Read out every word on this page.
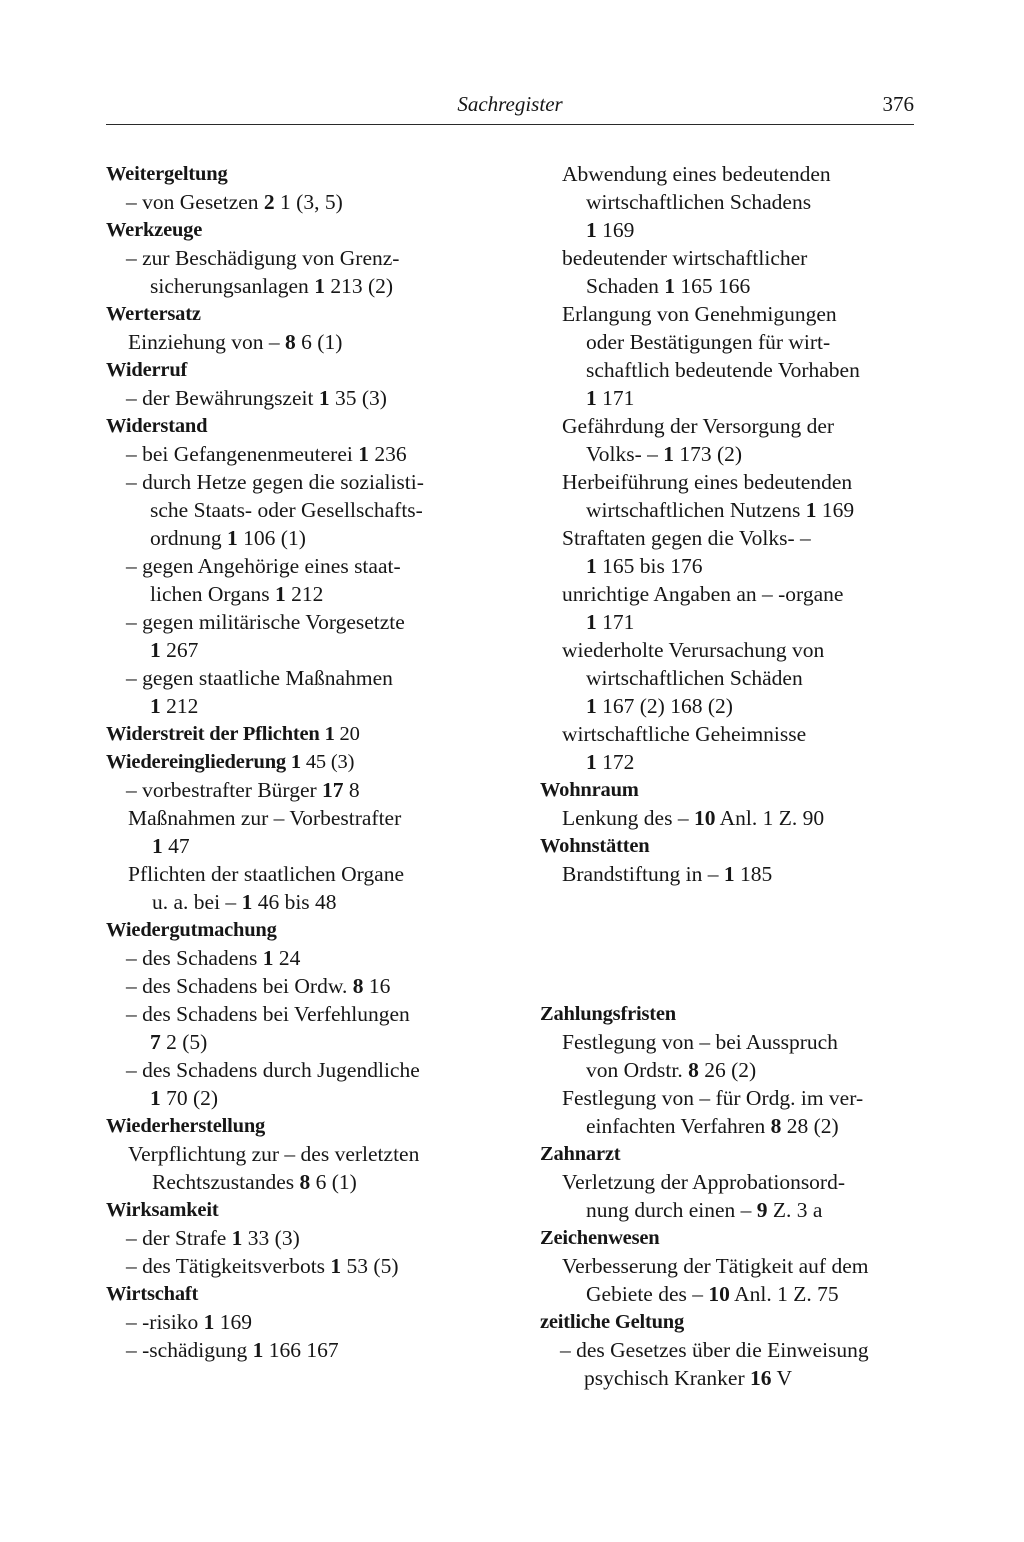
Sachregister	376
Weitergeltung
– von Gesetzen 2 1 (3, 5)
Werkzeuge
– zur Beschädigung von Grenz-
sicherungsanlagen 1 213 (2)
Wertersatz
Einziehung von – 8 6 (1)
Widerruf
– der Bewährungszeit 1 35 (3)
Widerstand
– bei Gefangenenmeuterei 1 236
– durch Hetze gegen die sozialisti-
sche Staats- oder Gesellschafts-
ordnung 1 106 (1)
– gegen Angehörige eines staat-
lichen Organs 1 212
– gegen militärische Vorgesetzte
1 267
– gegen staatliche Maßnahmen
1 212
Widerstreit der Pflichten 1 20
Wiedereingliederung 1 45 (3)
– vorbestrafter Bürger 17 8
Maßnahmen zur – Vorbestrafter
1 47
Pflichten der staatlichen Organe
u. a. bei – 1 46 bis 48
Wiedergutmachung
– des Schadens 1 24
– des Schadens bei Ordw. 8 16
– des Schadens bei Verfehlungen
7 2 (5)
– des Schadens durch Jugendliche
1 70 (2)
Wiederherstellung
Verpflichtung zur – des verletzten
Rechtszustandes 8 6 (1)
Wirksamkeit
– der Strafe 1 33 (3)
– des Tätigkeitsverbots 1 53 (5)
Wirtschaft
– -risiko 1 169
– -schädigung 1 166 167
Abwendung eines bedeutenden
wirtschaftlichen Schadens
1 169
bedeutender wirtschaftlicher
Schaden 1 165 166
Erlangung von Genehmigungen
oder Bestätigungen für wirt-
schaftlich bedeutende Vorhaben
1 171
Gefährdung der Versorgung der
Volks- – 1 173 (2)
Herbeiführung eines bedeutenden
wirtschaftlichen Nutzens 1 169
Straftaten gegen die Volks- –
1 165 bis 176
unrichtige Angaben an – -organe
1 171
wiederholte Verursachung von
wirtschaftlichen Schäden
1 167 (2) 168 (2)
wirtschaftliche Geheimnisse
1 172
Wohnraum
Lenkung des – 10 Anl. 1 Z. 90
Wohnstätten
Brandstiftung in – 1 185
Zahlungsfristen
Festlegung von – bei Ausspruch
von Ordstr. 8 26 (2)
Festlegung von – für Ordg. im ver-
einfachten Verfahren 8 28 (2)
Zahnarzt
Verletzung der Approbationsord-
nung durch einen – 9 Z. 3 a
Zeichenwesen
Verbesserung der Tätigkeit auf dem
Gebiete des – 10 Anl. 1 Z. 75
zeitliche Geltung
– des Gesetzes über die Einweisung
psychisch Kranker 16 V
